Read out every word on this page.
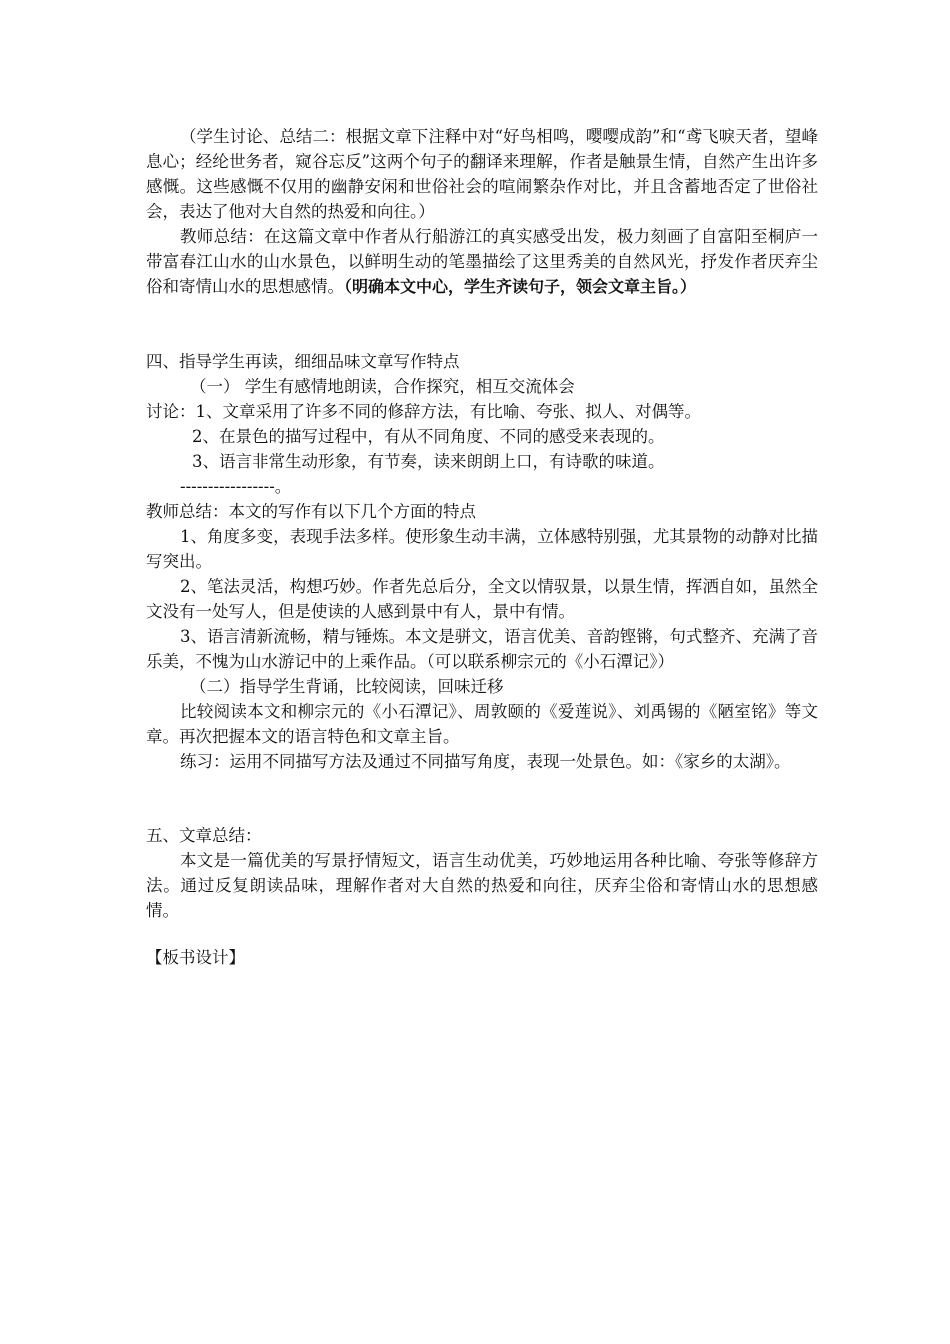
（学生讨论、总结二：根据文章下注释中对“好鸟相鸣，嘤嘤成韵”和“鸢飞唳天者，望峰息心；经纶世务者，窥谷忘反”这两个句子的翻译来理解，作者是触景生情，自然产生出许多感慨。这些感慨不仅用的幽静安闲和世俗社会的喧闹繁杂作对比，并且含蓄地否定了世俗社会，表达了他对大自然的热爱和向往。）

教师总结：在这篇文章中作者从行船游江的真实感受出发，极力刻画了自富阳至桐庐一带富春江山水的山水景色，以鲜明生动的笔墨描绘了这里秀美的自然风光，抒发作者厌弃尘俗和寄情山水的思想感情。（明确本文中心，学生齐读句子，领会文章主旨。）

四、指导学生再读，细细品味文章写作特点

（一） 学生有感情地朗读，合作探究，相互交流体会

讨论：1、文章采用了许多不同的修辞方法，有比喻、夸张、拟人、对偶等。

2、在景色的描写过程中，有从不同角度、不同的感受来表现的。

3、语言非常生动形象，有节奏，读来朗朗上口，有诗歌的味道。

-----------------。

教师总结：本文的写作有以下几个方面的特点

1、角度多变，表现手法多样。使形象生动丰满，立体感特别强，尤其景物的动静对比描写突出。

2、笔法灵活，构想巧妙。作者先总后分，全文以情驭景，以景生情，挥洒自如，虽然全文没有一处写人，但是使读的人感到景中有人，景中有情。

3、语言清新流畅，精与锤炼。本文是骈文，语言优美、音韵铿锵，句式整齐、充满了音乐美，不愧为山水游记中的上乘作品。（可以联系柳宗元的《小石潭记》）

（二）指导学生背诵，比较阅读，回味迁移

比较阅读本文和柳宗元的《小石潭记》、周敦颐的《爱莲说》、刘禹锡的《陋室铭》等文章。再次把握本文的语言特色和文章主旨。

练习：运用不同描写方法及通过不同描写角度，表现一处景色。如：《家乡的太湖》。

五、文章总结：

本文是一篇优美的写景抒情短文，语言生动优美，巧妙地运用各种比喻、夸张等修辞方法。通过反复朗读品味，理解作者对大自然的热爱和向往，厌弃尘俗和寄情山水的思想感情。

【板书设计】
